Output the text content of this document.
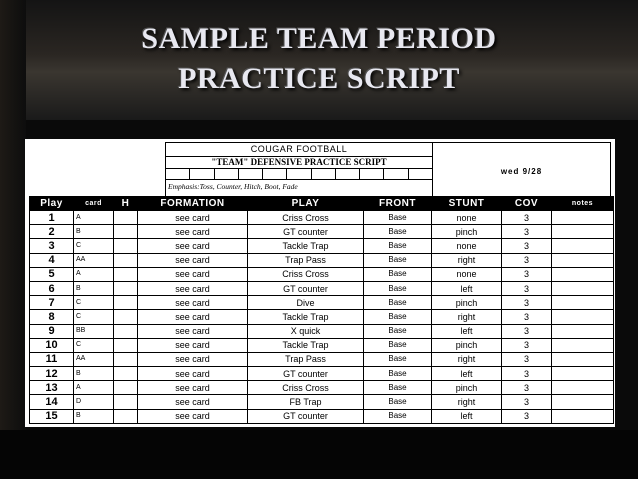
SAMPLE TEAM PERIOD
PRACTICE SCRIPT
COUGAR FOOTBALL
"TEAM" DEFENSIVE PRACTICE SCRIPT
Emphasis:Toss, Counter, Hitch, Boot, Fade
wed 9/28
Play	card	H	FORMATION	PLAY	FRONT	STUNT	COV	notes
1	A		see card	Criss Cross	Base	none	3	
2	B		see card	GT counter	Base	pinch	3	
3	C		see card	Tackle Trap	Base	none	3	
4	AA		see card	Trap Pass	Base	right	3	
5	A		see card	Criss Cross	Base	none	3	
6	B		see card	GT counter	Base	left	3	
7	C		see card	Dive	Base	pinch	3	
8	C		see card	Tackle Trap	Base	right	3	
9	BB		see card	X quick	Base	left	3	
10	C		see card	Tackle Trap	Base	pinch	3	
11	AA		see card	Trap Pass	Base	right	3	
12	B		see card	GT counter	Base	left	3	
13	A		see card	Criss Cross	Base	pinch	3	
14	D		see card	FB Trap	Base	right	3	
15	B		see card	GT counter	Base	left	3	
